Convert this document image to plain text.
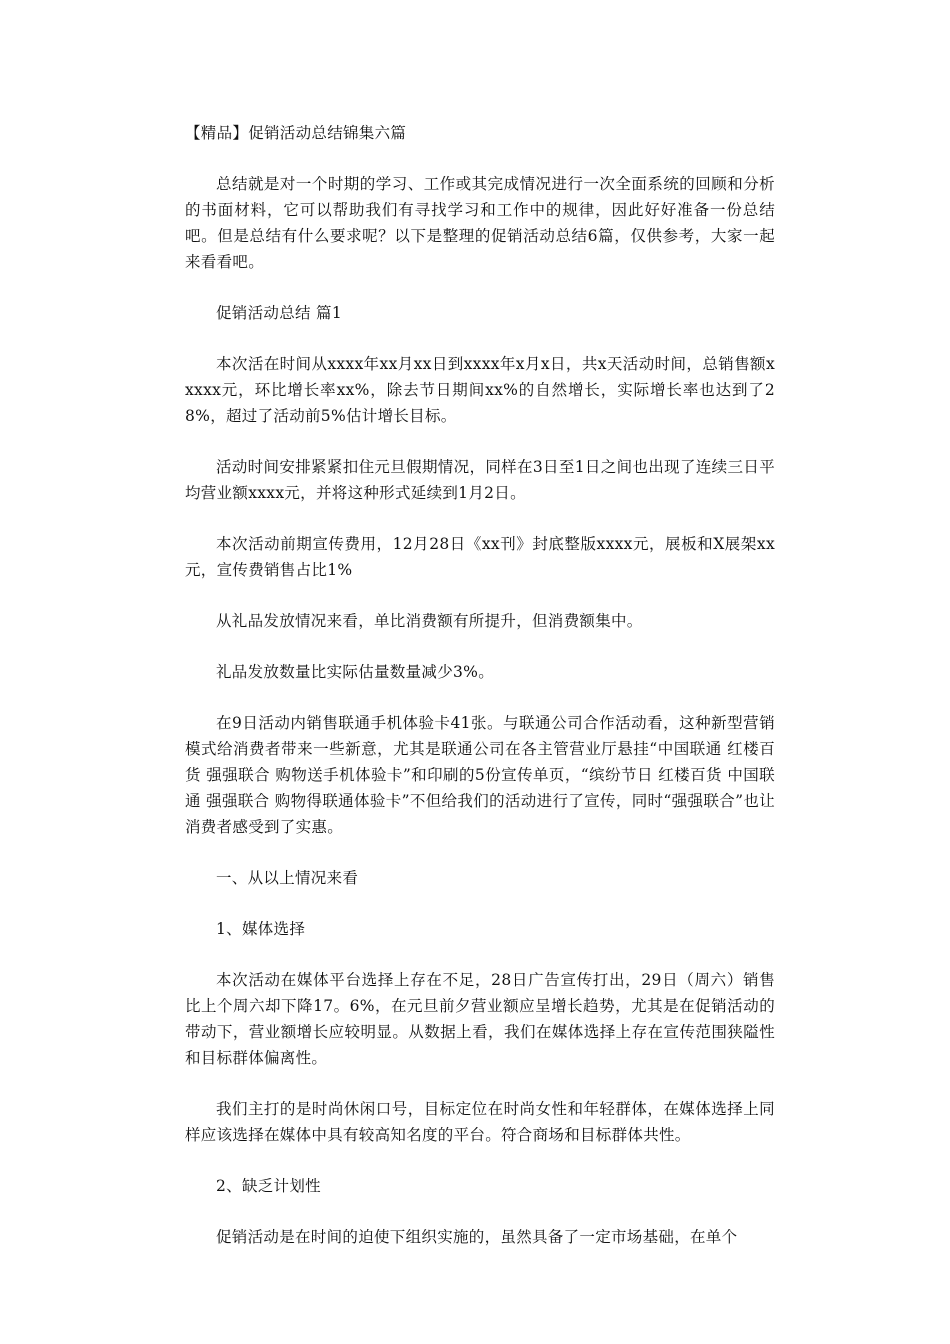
【精品】促销活动总结锦集六篇

总结就是对一个时期的学习、工作或其完成情况进行一次全面系统的回顾和分析的书面材料，它可以帮助我们有寻找学习和工作中的规律，因此好好准备一份总结吧。但是总结有什么要求呢？以下是整理的促销活动总结6篇，仅供参考，大家一起来看看吧。

促销活动总结 篇1

本次活在时间从xxxx年xx月xx日到xxxx年x月x日，共x天活动时间，总销售额xxxxx元，环比增长率xx%，除去节日期间xx%的自然增长，实际增长率也达到了28%，超过了活动前5%估计增长目标。

活动时间安排紧紧扣住元旦假期情况，同样在3日至1日之间也出现了连续三日平均营业额xxxx元，并将这种形式延续到1月2日。

本次活动前期宣传费用，12月28日《xx刊》封底整版xxxx元，展板和X展架xx元，宣传费销售占比1%

从礼品发放情况来看，单比消费额有所提升，但消费额集中。

礼品发放数量比实际估量数量减少3%。

在9日活动内销售联通手机体验卡41张。与联通公司合作活动看，这种新型营销模式给消费者带来一些新意，尤其是联通公司在各主管营业厅悬挂“中国联通 红楼百货 强强联合 购物送手机体验卡”和印刷的5份宣传单页，“缤纷节日 红楼百货 中国联通 强强联合 购物得联通体验卡”不但给我们的活动进行了宣传，同时“强强联合”也让消费者感受到了实惠。

一、从以上情况来看

1、媒体选择

本次活动在媒体平台选择上存在不足，28日广告宣传打出，29日（周六）销售比上个周六却下降17。6%，在元旦前夕营业额应呈增长趋势，尤其是在促销活动的带动下，营业额增长应较明显。从数据上看，我们在媒体选择上存在宣传范围狭隘性和目标群体偏离性。

我们主打的是时尚休闲口号，目标定位在时尚女性和年轻群体，在媒体选择上同样应该选择在媒体中具有较高知名度的平台。符合商场和目标群体共性。

2、缺乏计划性

促销活动是在时间的迫使下组织实施的，虽然具备了一定市场基础，在单个
